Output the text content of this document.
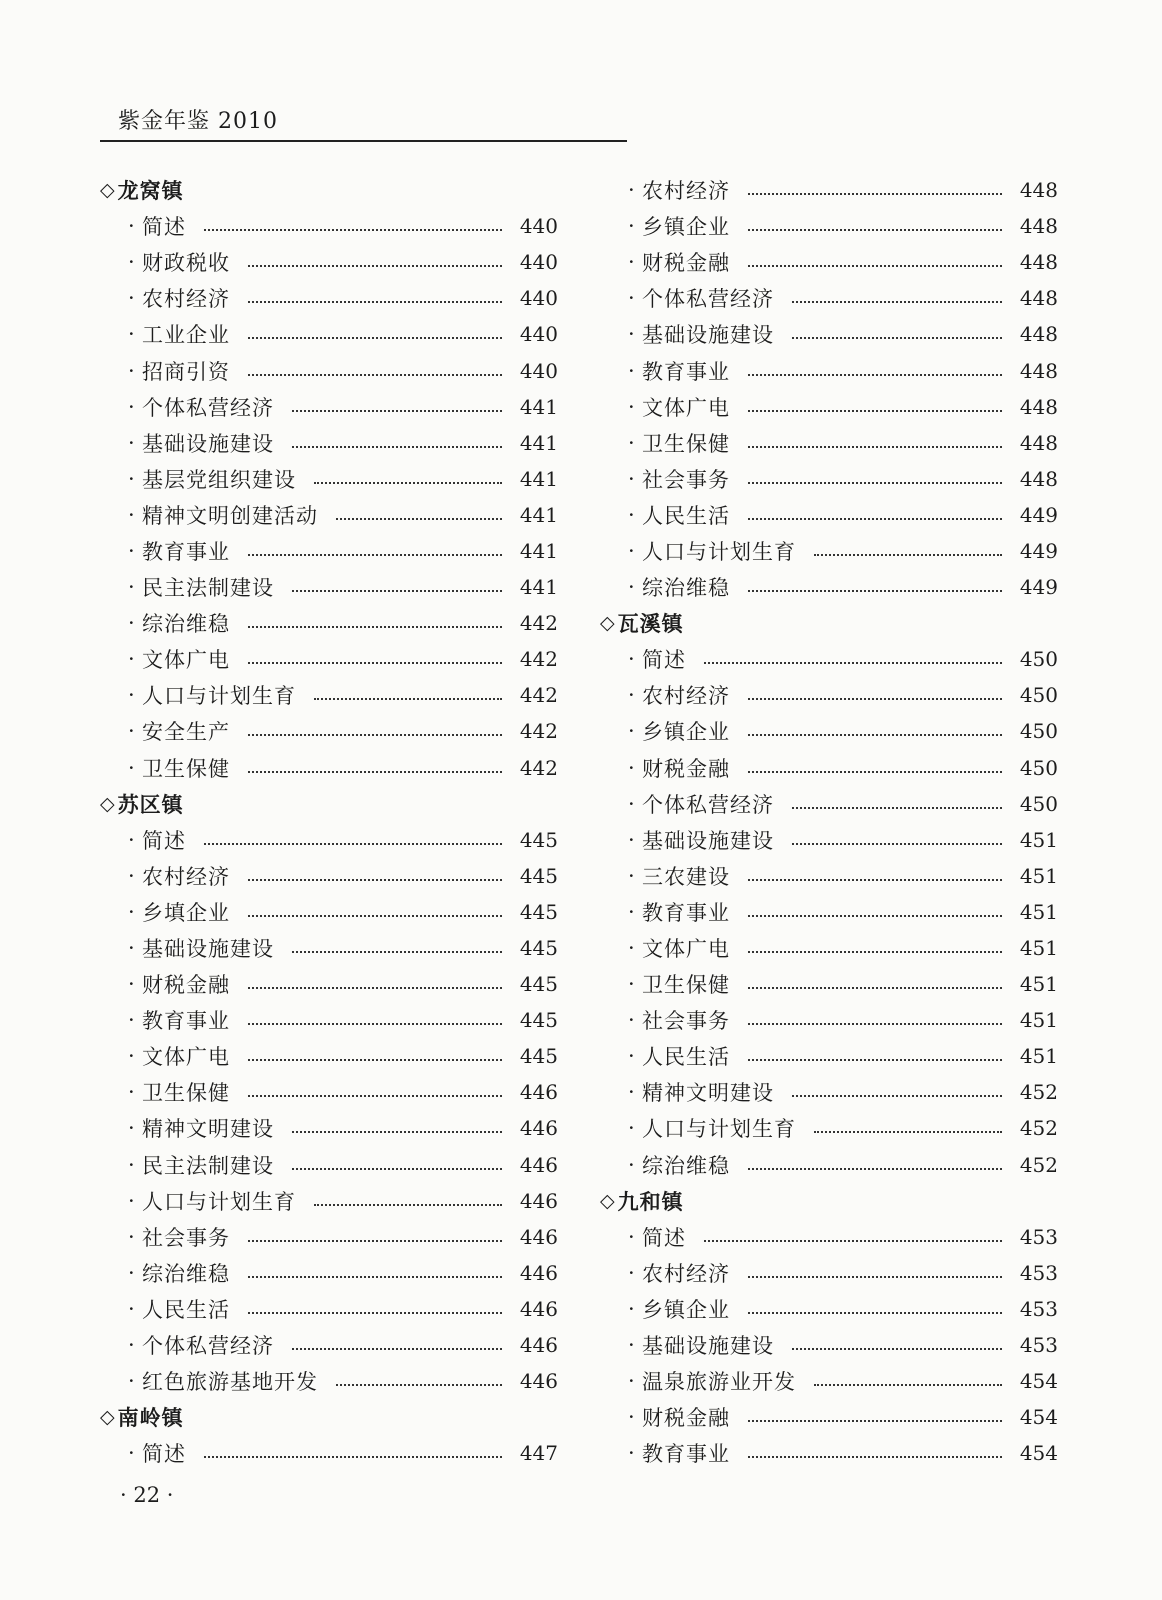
紫金年鉴 2010
◇ 龙窝镇
· 简述	440
· 财政税收	440
· 农村经济	440
· 工业企业	440
· 招商引资	440
· 个体私营经济	441
· 基础设施建设	441
· 基层党组织建设	441
· 精神文明创建活动	441
· 教育事业	441
· 民主法制建设	441
· 综治维稳	442
· 文体广电	442
· 人口与计划生育	442
· 安全生产	442
· 卫生保健	442
◇ 苏区镇
· 简述	445
· 农村经济	445
· 乡填企业	445
· 基础设施建设	445
· 财税金融	445
· 教育事业	445
· 文体广电	445
· 卫生保健	446
· 精神文明建设	446
· 民主法制建设	446
· 人口与计划生育	446
· 社会事务	446
· 综治维稳	446
· 人民生活	446
· 个体私营经济	446
· 红色旅游基地开发	446
◇ 南岭镇
· 简述	447
· 农村经济	448
· 乡镇企业	448
· 财税金融	448
· 个体私营经济	448
· 基础设施建设	448
· 教育事业	448
· 文体广电	448
· 卫生保健	448
· 社会事务	448
· 人民生活	449
· 人口与计划生育	449
· 综治维稳	449
◇ 瓦溪镇
· 简述	450
· 农村经济	450
· 乡镇企业	450
· 财税金融	450
· 个体私营经济	450
· 基础设施建设	451
· 三农建设	451
· 教育事业	451
· 文体广电	451
· 卫生保健	451
· 社会事务	451
· 人民生活	451
· 精神文明建设	452
· 人口与计划生育	452
· 综治维稳	452
◇ 九和镇
· 简述	453
· 农村经济	453
· 乡镇企业	453
· 基础设施建设	453
· 温泉旅游业开发	454
· 财税金融	454
· 教育事业	454
· 22 ·
